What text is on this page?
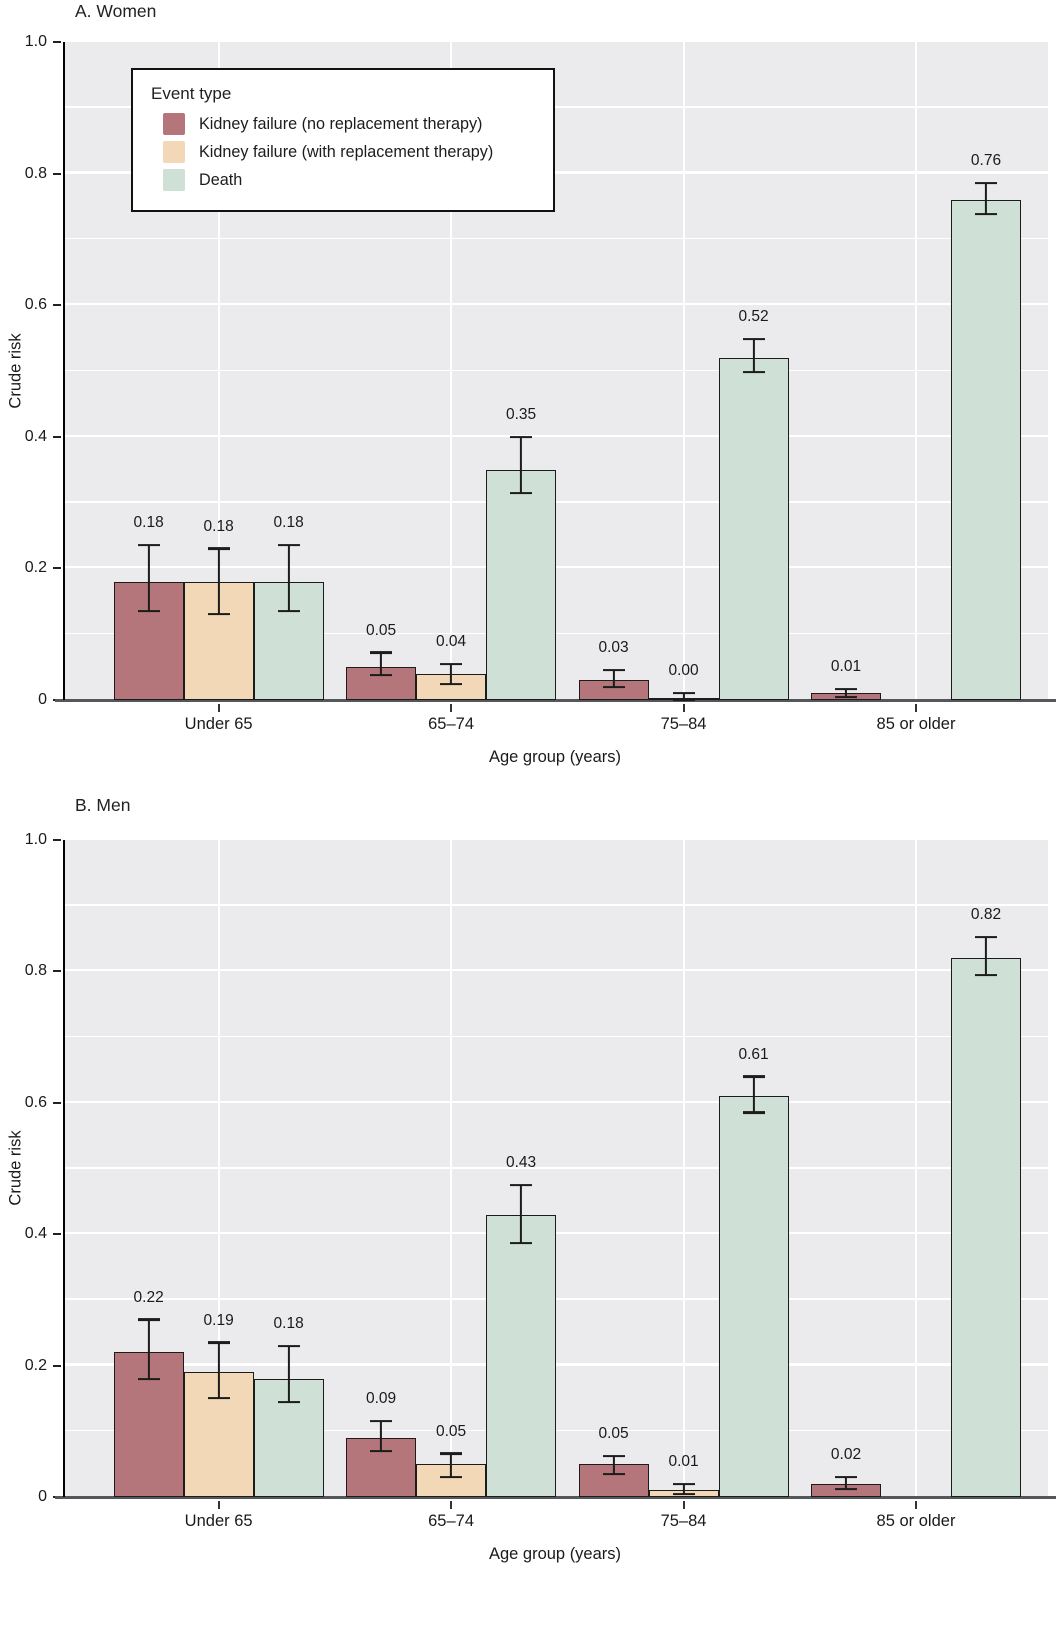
A. Women
Crude risk
0
0.2
0.4
0.6
0.8
1.0
Event type
Kidney failure (no replacement therapy)
Kidney failure (with replacement therapy)
Death
0.18	0.18	0.18
0.05
0.04
0.35
0.03
0.00
0.52
0.01
0.76
Under 65	65–74	75–84	85 or older
Age group (years)
B. Men
Crude risk
0
0.2
0.4
0.6
0.8
1.0
0.22
0.19	0.18
0.09
0.05
0.43
0.05
0.01
0.61
0.02
0.82
Under 65	65–74	75–84	85 or older
Age group (years)
